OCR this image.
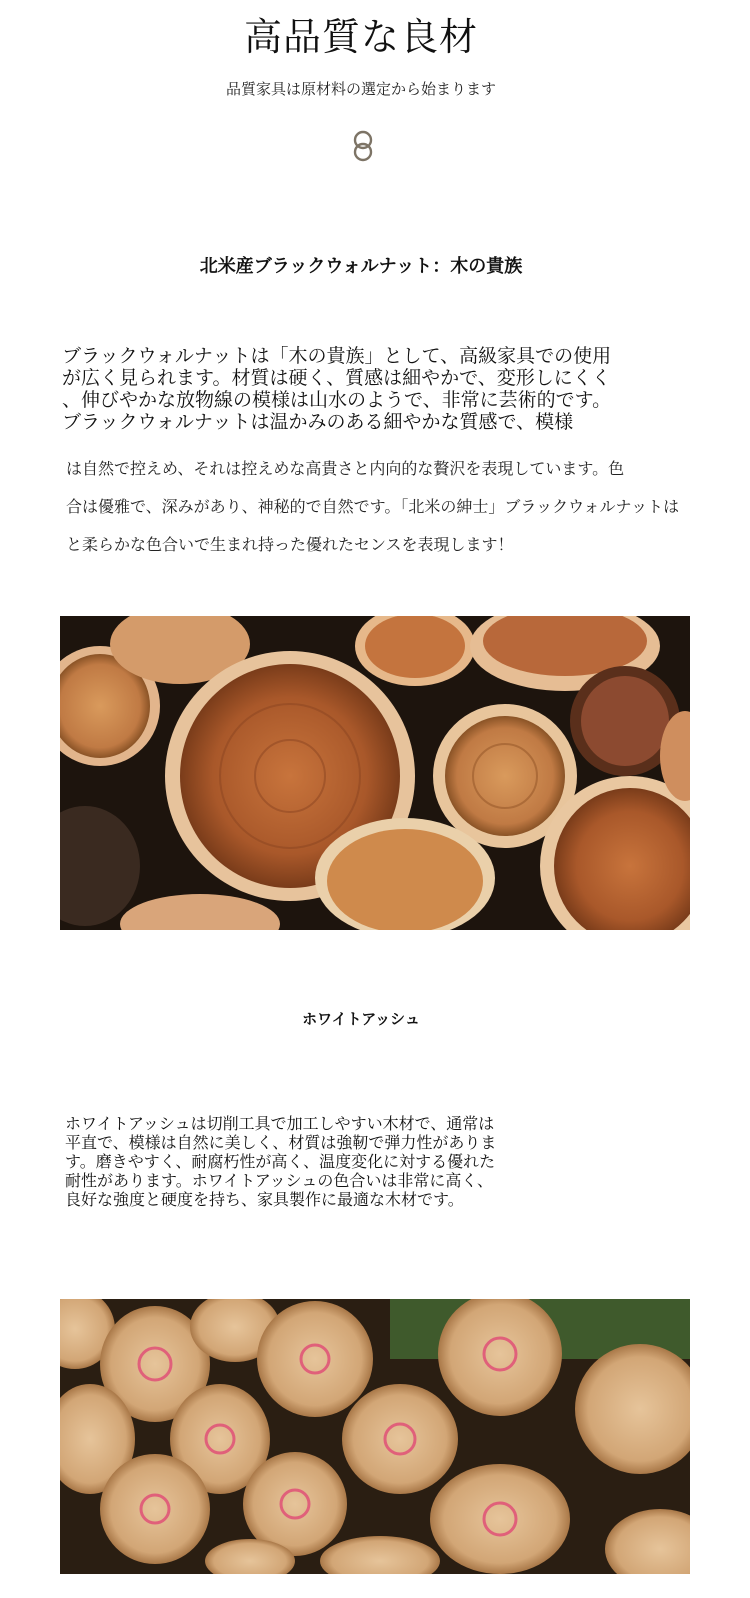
高品質な良材
品質家具は原材料の選定から始まります
北米産ブラックウォルナット：木の貴族
ブラックウォルナットは「木の貴族」として、高級家具での使用
が広く見られます。材質は硬く、質感は細やかで、変形しにくく
、伸びやかな放物線の模様は山水のようで、非常に芸術的です。
ブラックウォルナットは温かみのある細やかな質感で、模様
は自然で控えめ、それは控えめな高貴さと内向的な贅沢を表現しています。色
合は優雅で、深みがあり、神秘的で自然です。「北米の紳士」ブラックウォルナットは
と柔らかな色合いで生まれ持った優れたセンスを表現します！
ホワイトアッシュ
ホワイトアッシュは切削工具で加工しやすい木材で、通常は
平直で、模様は自然に美しく、材質は強靭で弾力性がありま
す。磨きやすく、耐腐朽性が高く、温度変化に対する優れた
耐性があります。ホワイトアッシュの色合いは非常に高く、
良好な強度と硬度を持ち、家具製作に最適な木材です。
